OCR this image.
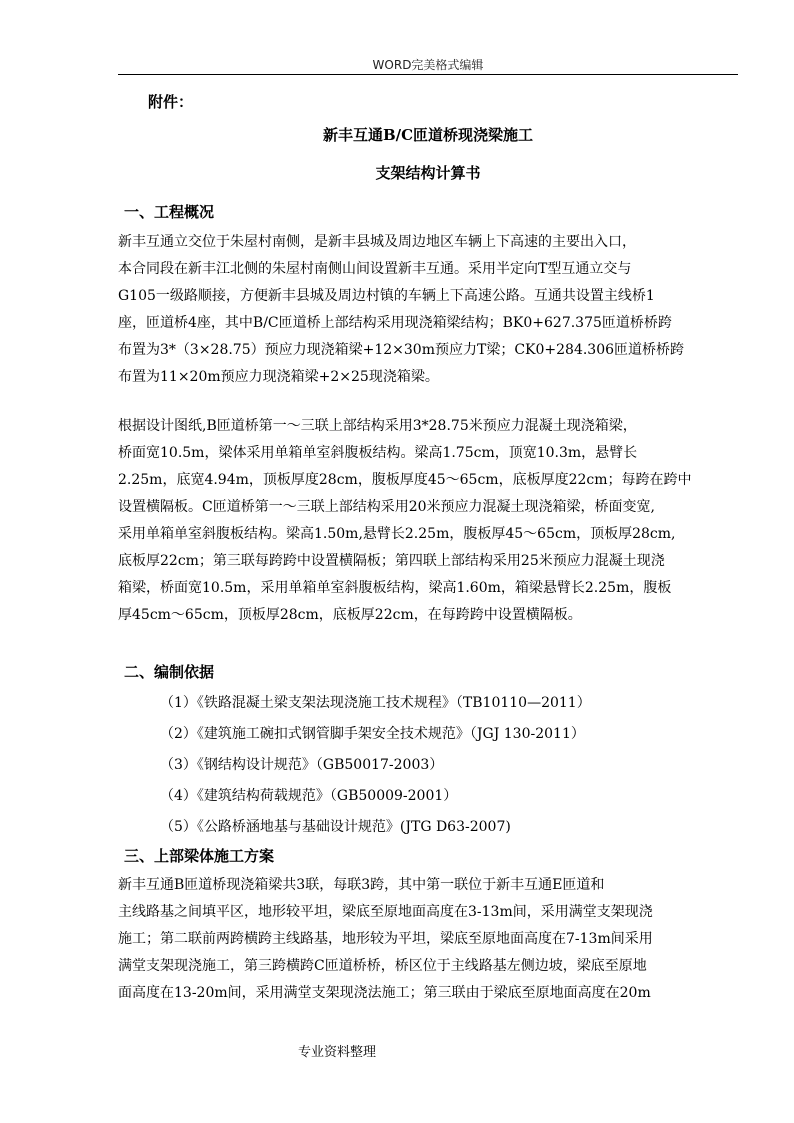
WORD完美格式编辑
附件：
新丰互通B/C匝道桥现浇梁施工
支架结构计算书
一、工程概况
新丰互通立交位于朱屋村南侧，是新丰县城及周边地区车辆上下高速的主要出入口，
本合同段在新丰江北侧的朱屋村南侧山间设置新丰互通。采用半定向T型互通立交与
G105一级路顺接，方便新丰县城及周边村镇的车辆上下高速公路。互通共设置主线桥1
座，匝道桥4座，其中B/C匝道桥上部结构采用现浇箱梁结构；BK0+627.375匝道桥桥跨
布置为3*（3×28.75）预应力现浇箱梁+12×30m预应力T梁；CK0+284.306匝道桥桥跨
布置为11×20m预应力现浇箱梁+2×25现浇箱梁。
根据设计图纸,B匝道桥第一～三联上部结构采用3*28.75米预应力混凝土现浇箱梁，
桥面宽10.5m，梁体采用单箱单室斜腹板结构。梁高1.75cm，顶宽10.3m，悬臂长
2.25m，底宽4.94m，顶板厚度28cm，腹板厚度45～65cm，底板厚度22cm；每跨在跨中
设置横隔板。C匝道桥第一～三联上部结构采用20米预应力混凝土现浇箱梁，桥面变宽,
采用单箱单室斜腹板结构。梁高1.50m,悬臂长2.25m，腹板厚45～65cm，顶板厚28cm,
底板厚22cm；第三联每跨跨中设置横隔板；第四联上部结构采用25米预应力混凝土现浇
箱梁，桥面宽10.5m，采用单箱单室斜腹板结构，梁高1.60m，箱梁悬臂长2.25m，腹板
厚45cm～65cm，顶板厚28cm，底板厚22cm，在每跨跨中设置横隔板。
二、编制依据
（1）《铁路混凝土梁支架法现浇施工技术规程》（TB10110—2011）
（2）《建筑施工碗扣式钢管脚手架安全技术规范》（JGJ 130-2011）
（3）《钢结构设计规范》（GB50017-2003）
（4）《建筑结构荷载规范》（GB50009-2001）
（5）《公路桥涵地基与基础设计规范》(JTG D63-2007)
三、上部梁体施工方案
新丰互通B匝道桥现浇箱梁共3联，每联3跨，其中第一联位于新丰互通E匝道和
主线路基之间填平区，地形较平坦，梁底至原地面高度在3-13m间，采用满堂支架现浇
施工；第二联前两跨横跨主线路基，地形较为平坦，梁底至原地面高度在7-13m间采用
满堂支架现浇施工，第三跨横跨C匝道桥桥，桥区位于主线路基左侧边坡，梁底至原地
面高度在13-20m间，采用满堂支架现浇法施工；第三联由于梁底至原地面高度在20m
专业资料整理
